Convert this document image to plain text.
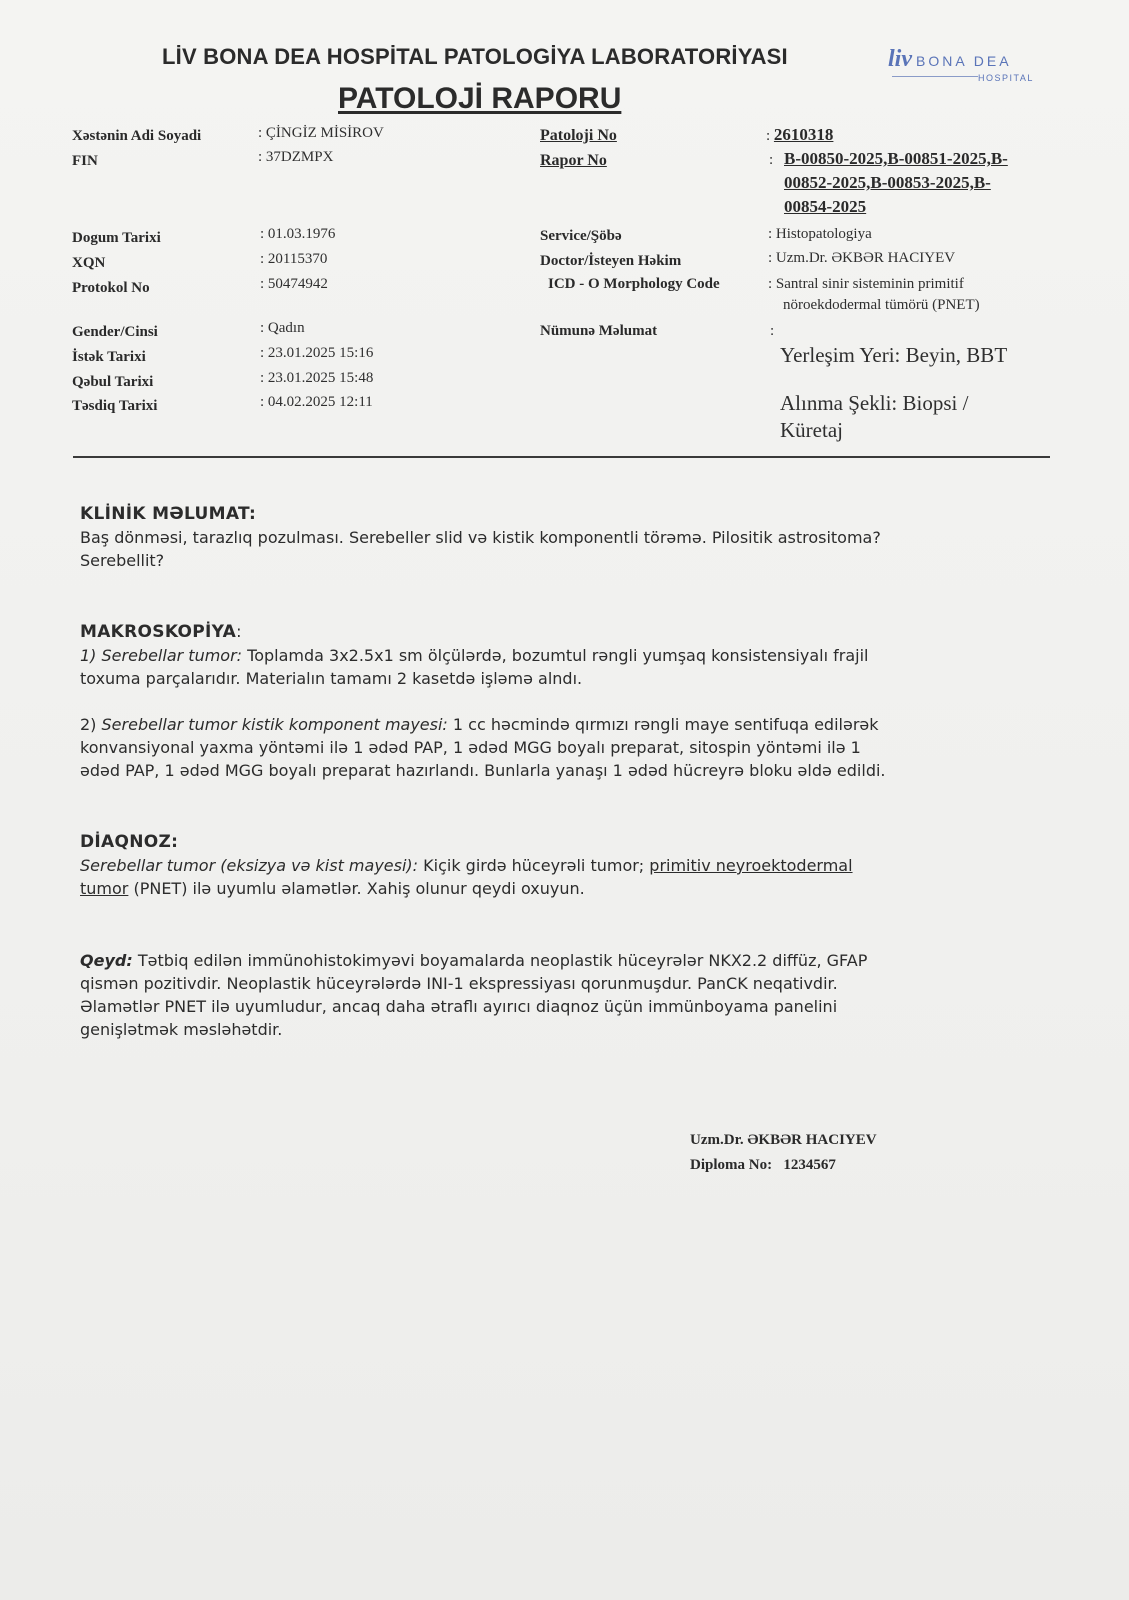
LİV BONA DEA HOSPİTAL PATOLOGİYA LABORATORİYASI
PATOLOJİ RAPORU
liv BONA DEA
HOSPITAL
Xəstənin Adi Soyadi	: ÇİNGİZ MİSİROV
FIN	: 37DZMPX
Dogum Tarixi	: 01.03.1976
XQN	: 20115370
Protokol No	: 50474942
Gender/Cinsi	: Qadın
İstək Tarixi	: 23.01.2025 15:16
Qəbul Tarixi	: 23.01.2025 15:48
Təsdiq Tarixi	: 04.02.2025 12:11
Patoloji No	: 2610318
Rapor No	: B-00850-2025,B-00851-2025,B-
00852-2025,B-00853-2025,B-
00854-2025
Service/Şöbə	: Histopatologiya
Doctor/İsteyen Həkim	: Uzm.Dr. ƏKBƏR HACIYEV
ICD - O Morphology Code	: Santral sinir sisteminin primitif
nöroekdodermal tümörü (PNET)
Nümunə Məlumat	:
Yerleşim Yeri: Beyin, BBT
Alınma Şekli: Biopsi /
Küretaj
KLİNİK MƏLUMAT:
Baş dönməsi, tarazlıq pozulması. Serebeller slid və kistik komponentli törəmə. Pilositik astrositoma?
Serebellit?
MAKROSKOPİYA:
1) Serebellar tumor: Toplamda 3x2.5x1 sm ölçülərdə, bozumtul rəngli yumşaq konsistensiyalı frajil
toxuma parçalarıdır. Materialın tamamı 2 kasetdə işləmə alndı.
2) Serebellar tumor kistik komponent mayesi: 1 cc həcmində qırmızı rəngli maye sentifuqa edilərək
konvansiyonal yaxma yöntəmi ilə 1 ədəd PAP, 1 ədəd MGG boyalı preparat, sitospin yöntəmi ilə 1
ədəd PAP, 1 ədəd MGG boyalı preparat hazırlandı. Bunlarla yanaşı 1 ədəd hücreyrə bloku əldə edildi.
DİAQNOZ:
Serebellar tumor (eksizya və kist mayesi): Kiçik girdə hüceyrəli tumor; primitiv neyroektodermal
tumor (PNET) ilə uyumlu əlamətlər. Xahiş olunur qeydi oxuyun.
Qeyd: Tətbiq edilən immünohistokimyəvi boyamalarda neoplastik hüceyrələr NKX2.2 diffüz, GFAP
qismən pozitivdir. Neoplastik hüceyrələrdə INI-1 ekspressiyası qorunmuşdur. PanCK neqativdir.
Əlamətlər PNET ilə uyumludur, ancaq daha ətraflı ayırıcı diaqnoz üçün immünboyama panelini
genişlətmək məsləhətdir.
Uzm.Dr. ƏKBƏR HACIYEV
Diploma No: 1234567
